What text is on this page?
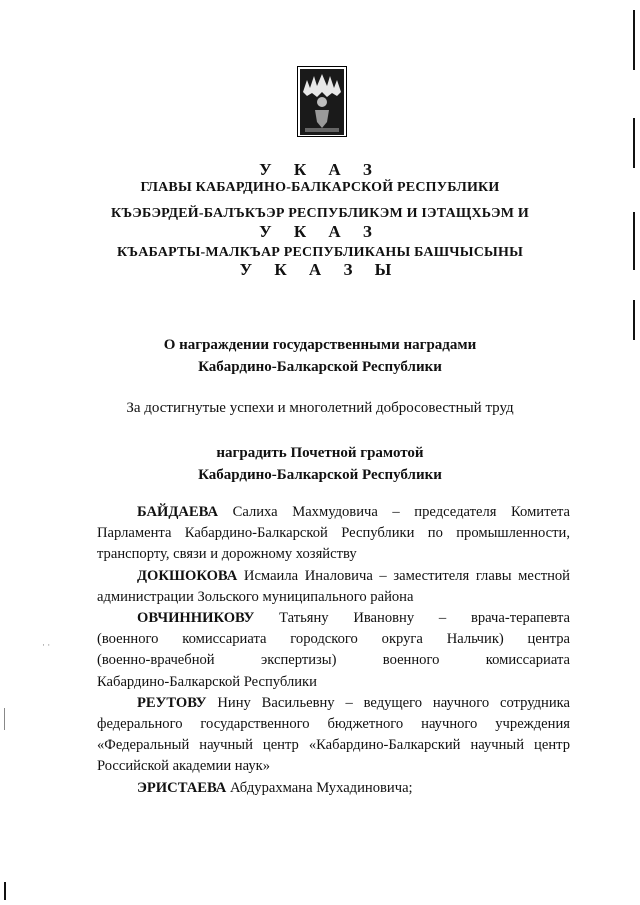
У К А З
ГЛАВЫ КАБАРДИНО-БАЛКАРСКОЙ РЕСПУБЛИКИ
КЪЭБЭРДЕЙ-БАЛЪКЪЭР РЕСПУБЛИКЭМ И IЭТАЩХЬЭМ И
У К А З
КЪАБАРТЫ-МАЛКЪАР РЕСПУБЛИКАНЫ БАШЧЫСЫНЫ
У К А З Ы
О награждении государственными наградами
Кабардино-Балкарской Республики
За достигнутые успехи и многолетний добросовестный труд
наградить Почетной грамотой
Кабардино-Балкарской Республики

БАЙДАЕВА Салиха Махмудовича – председателя Комитета

Парламента Кабардино-Балкарской Республики по промышленности,

транспорту, связи и дорожному хозяйству

ДОКШОКОВА Исмаила Иналовича – заместителя главы местной

администрации Зольского муниципального района

ОВЧИННИКОВУ Татьяну Ивановну – врача-терапевта

(военного комиссариата городского округа Нальчик) центра

(военно-врачебной экспертизы) военного комиссариата

Кабардино-Балкарской Республики

РЕУТОВУ Нину Васильевну – ведущего научного сотрудника

федерального государственного бюджетного научного учреждения

«Федеральный научный центр «Кабардино-Балкарский научный центр

Российской академии наук»

ЭРИСТАЕВА Абдурахмана Мухадиновича;

· ·
